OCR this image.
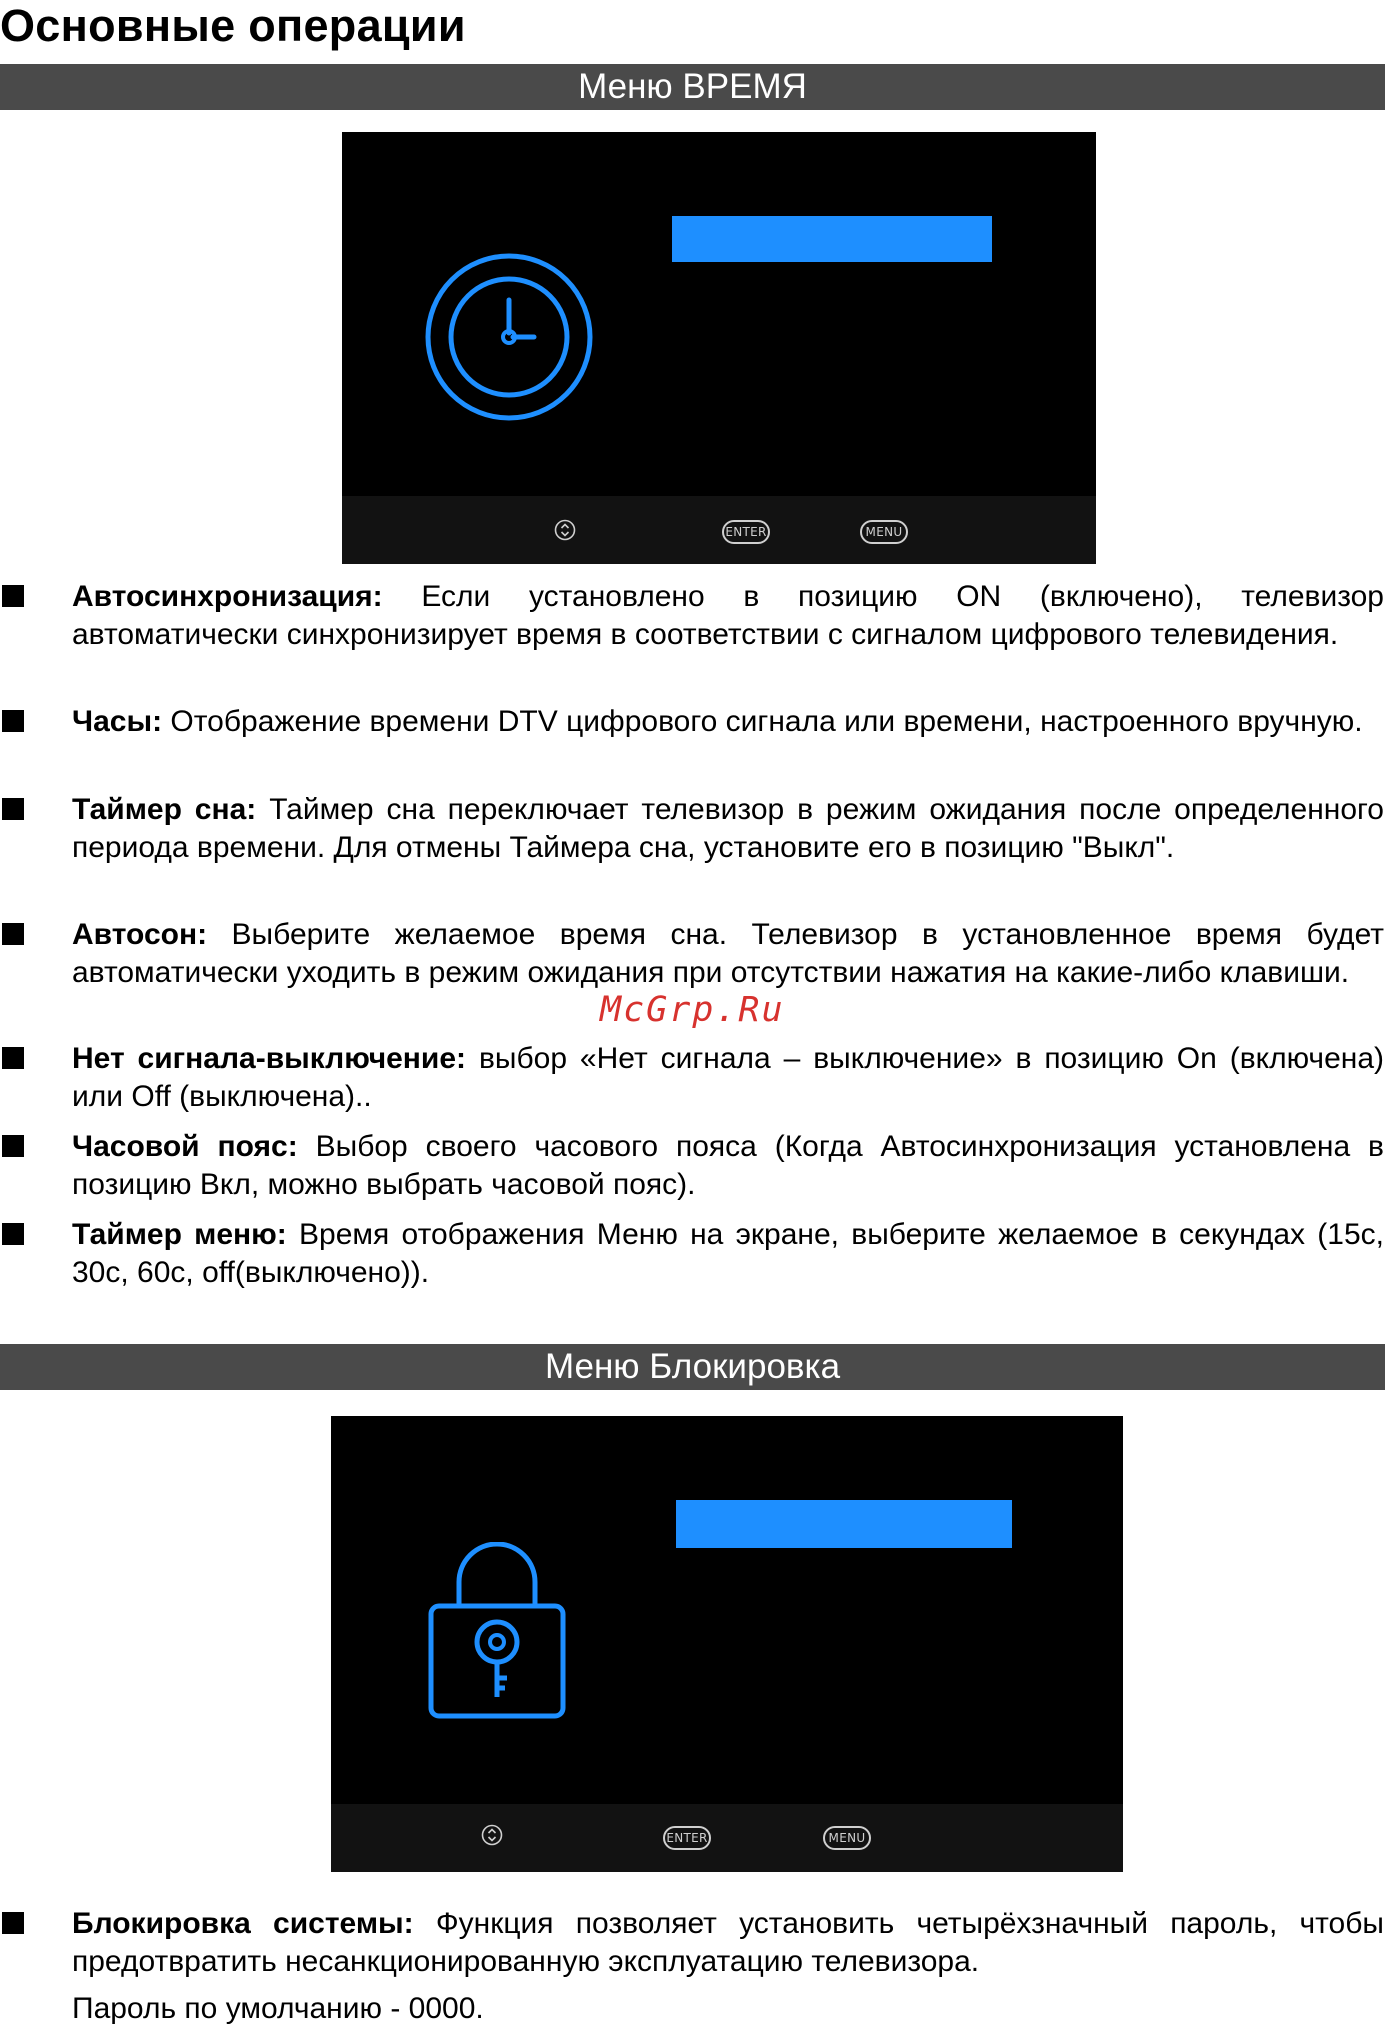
Основные операции
Меню ВРЕМЯ
ENTER	MENU
Автосинхронизация: Если установлено в позицию ON (включено), телевизор автоматически синхронизирует время в соответствии с сигналом цифрового телевидения.
Часы: Отображение времени DTV цифрового сигнала или времени, настроенного вручную.
Таймер сна: Таймер сна переключает телевизор в режим ожидания после определенного периода времени. Для отмены Таймера сна, установите его в позицию "Выкл".
Автосон: Выберите желаемое время сна. Телевизор в установленное время будет автоматически уходить в режим ожидания при отсутствии нажатия на какие-либо клавиши.
McGrp.Ru
Нет сигнала-выключение: выбор «Нет сигнала – выключение» в позицию On (включена) или Off (выключена)..
Часовой пояс: Выбор своего часового пояса (Когда Автосинхронизация установлена в позицию Вкл, можно выбрать часовой пояс).
Таймер меню: Время отображения Меню на экране, выберите желаемое в секундах (15с, 30с, 60с, off(выключено)).
Меню Блокировка
ENTER	MENU
Блокировка системы: Функция позволяет установить четырёхзначный пароль, чтобы предотвратить несанкционированную эксплуатацию телевизора.
Пароль по умолчанию - 0000.
